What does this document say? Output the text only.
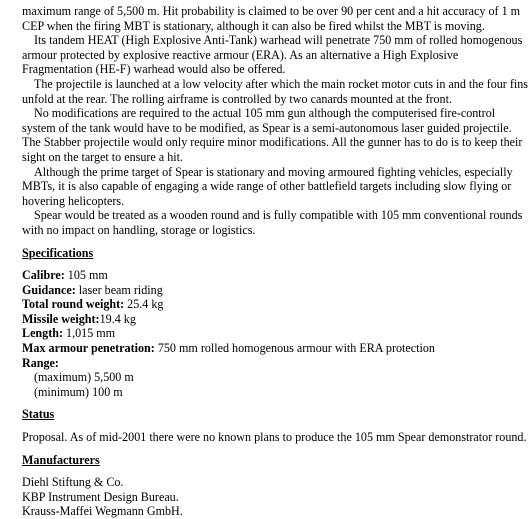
maximum range of 5,500 m. Hit probability is claimed to be over 90 per cent and a hit accuracy of 1 m
CEP when the firing MBT is stationary, although it can also be fired whilst the MBT is moving.

Its tandem HEAT (High Explosive Anti-Tank) warhead will penetrate 750 mm of rolled homogenous
armour protected by explosive reactive armour (ERA). As an alternative a High Explosive
Fragmentation (HE-F) warhead would also be offered.

The projectile is launched at a low velocity after which the main rocket motor cuts in and the four fins
unfold at the rear. The rolling airframe is controlled by two canards mounted at the front.

No modifications are required to the actual 105 mm gun although the computerised fire-control
system of the tank would have to be modified, as Spear is a semi-autonomous laser guided projectile.
The Stabber projectile would only require minor modifications. All the gunner has to do is to keep their
sight on the target to ensure a hit.

Although the prime target of Spear is stationary and moving armoured fighting vehicles, especially
MBTs, it is also capable of engaging a wide range of other battlefield targets including slow flying or
hovering helicopters.

Spear would be treated as a wooden round and is fully compatible with 105 mm conventional rounds
with no impact on handling, storage or logistics.

Specifications
Calibre: 105 mm
Guidance: laser beam riding
Total round weight: 25.4 kg
Missile weight:19.4 kg
Length: 1,015 mm
Max armour penetration: 750 mm rolled homogenous armour with ERA protection
Range:
(maximum) 5,500 m
(minimum) 100 m
Status
Proposal. As of mid-2001 there were no known plans to produce the 105 mm Spear demonstrator round.
Manufacturers
Diehl Stiftung & Co.
KBP Instrument Design Bureau.
Krauss-Maffei Wegmann GmbH.
